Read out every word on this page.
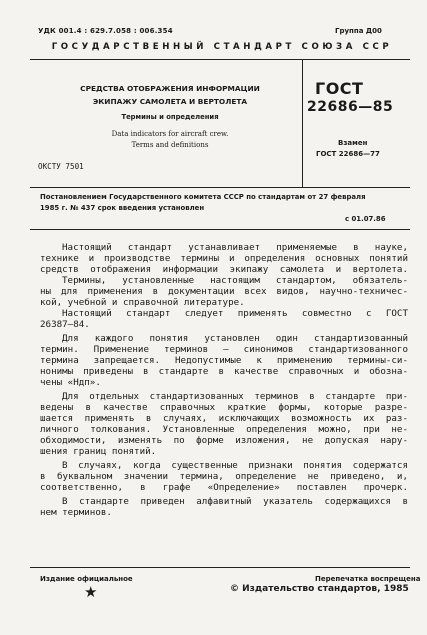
УДК 001.4 : 629.7.058 : 006.354	Группа Д00
ГОСУДАРСТВЕННЫЙ СТАНДАРТ СОЮЗА ССР
СРЕДСТВА ОТОБРАЖЕНИЯ ИНФОРМАЦИИ
ЭКИПАЖУ САМОЛЕТА И ВЕРТОЛЕТА
Термины и определения
Data indicators for aircraft crew.
Terms and definitions
ОКСТУ 7501
ГОСТ
22686—85
Взамен
ГОСТ 22686—77
Постановлением Государственного комитета СССР по стандартам от 27 февраля
1985 г. № 437 срок введения установлен
с 01.07.86
Настоящий стандарт устанавливает применяемые в науке,
технике и производстве термины и определения основных понятий
средств отображения информации экипажу самолета и вертолета.
Термины, установленные настоящим стандартом, обязатель-
ны для применения в документации всех видов, научно-техничес-
кой, учебной и справочной литературе.
Настоящий стандарт следует применять совместно с ГОСТ
26387—84.
Для каждого понятия установлен один стандартизованный
термин. Применение терминов — синонимов стандартизованного
термина запрещается. Недопустимые к применению термины-си-
нонимы приведены в стандарте в качестве справочных и обозна-
чены «Ндп».
Для отдельных стандартизованных терминов в стандарте при-
ведены в качестве справочных краткие формы, которые разре-
шается применять в случаях, исключающих возможность их раз-
личного толкования. Установленные определения можно, при не-
обходимости, изменять по форме изложения, не допуская нару-
шения границ понятий.
В случаях, когда существенные признаки понятия содержатся
в буквальном значении термина, определение не приведено, и,
соответственно, в графе «Определение» поставлен прочерк.
В стандарте приведен алфавитный указатель содержащихся в
нем терминов.
Издание официальное	Перепечатка воспрещена
★	© Издательство стандартов, 1985
